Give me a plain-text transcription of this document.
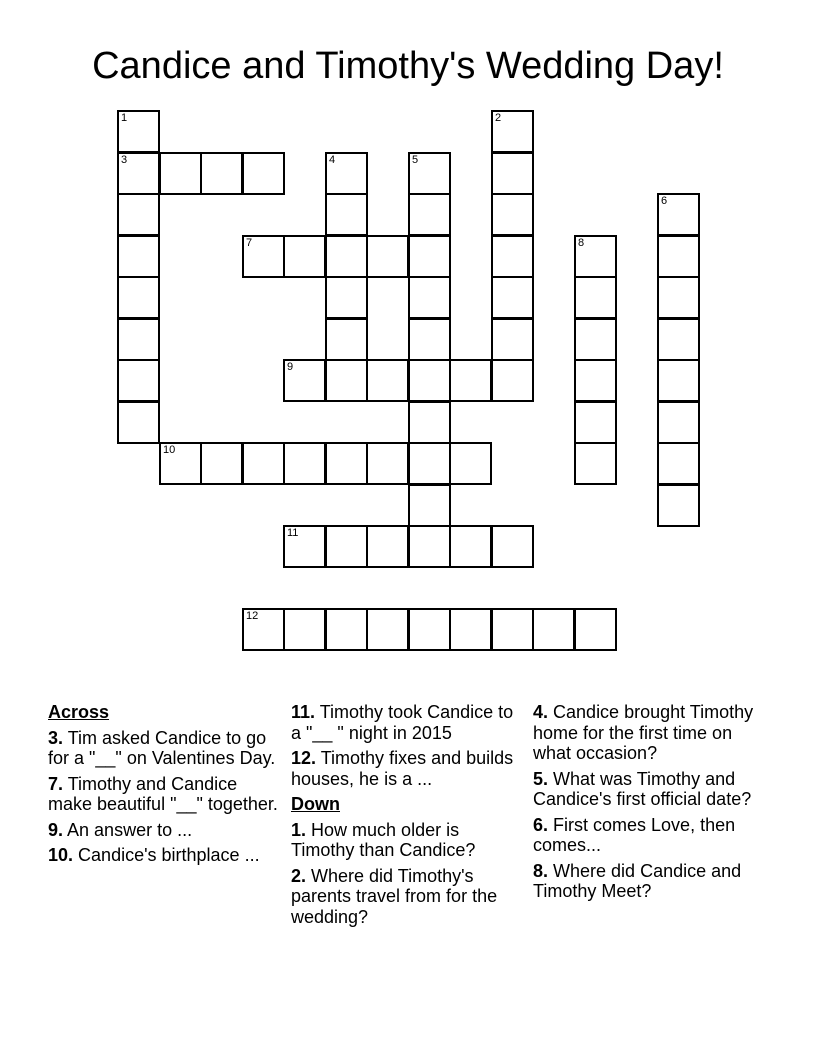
Candice and Timothy's Wedding Day!
1
3
2
4	5
6
7	8
9
10
11
12
Across
3. Tim asked Candice to go for a "__" on Valentines Day.
7. Timothy and Candice make beautiful "__" together.
9. An answer to ...
10. Candice's birthplace ...
11. Timothy took Candice to a "__ " night in 2015
12. Timothy fixes and builds houses, he is a ...
Down
1. How much older is Timothy than Candice?
2. Where did Timothy's parents travel from for the wedding?
4. Candice brought Timothy home for the first time on what occasion?
5. What was Timothy and Candice's first official date?
6. First comes Love, then comes...
8. Where did Candice and Timothy Meet?
